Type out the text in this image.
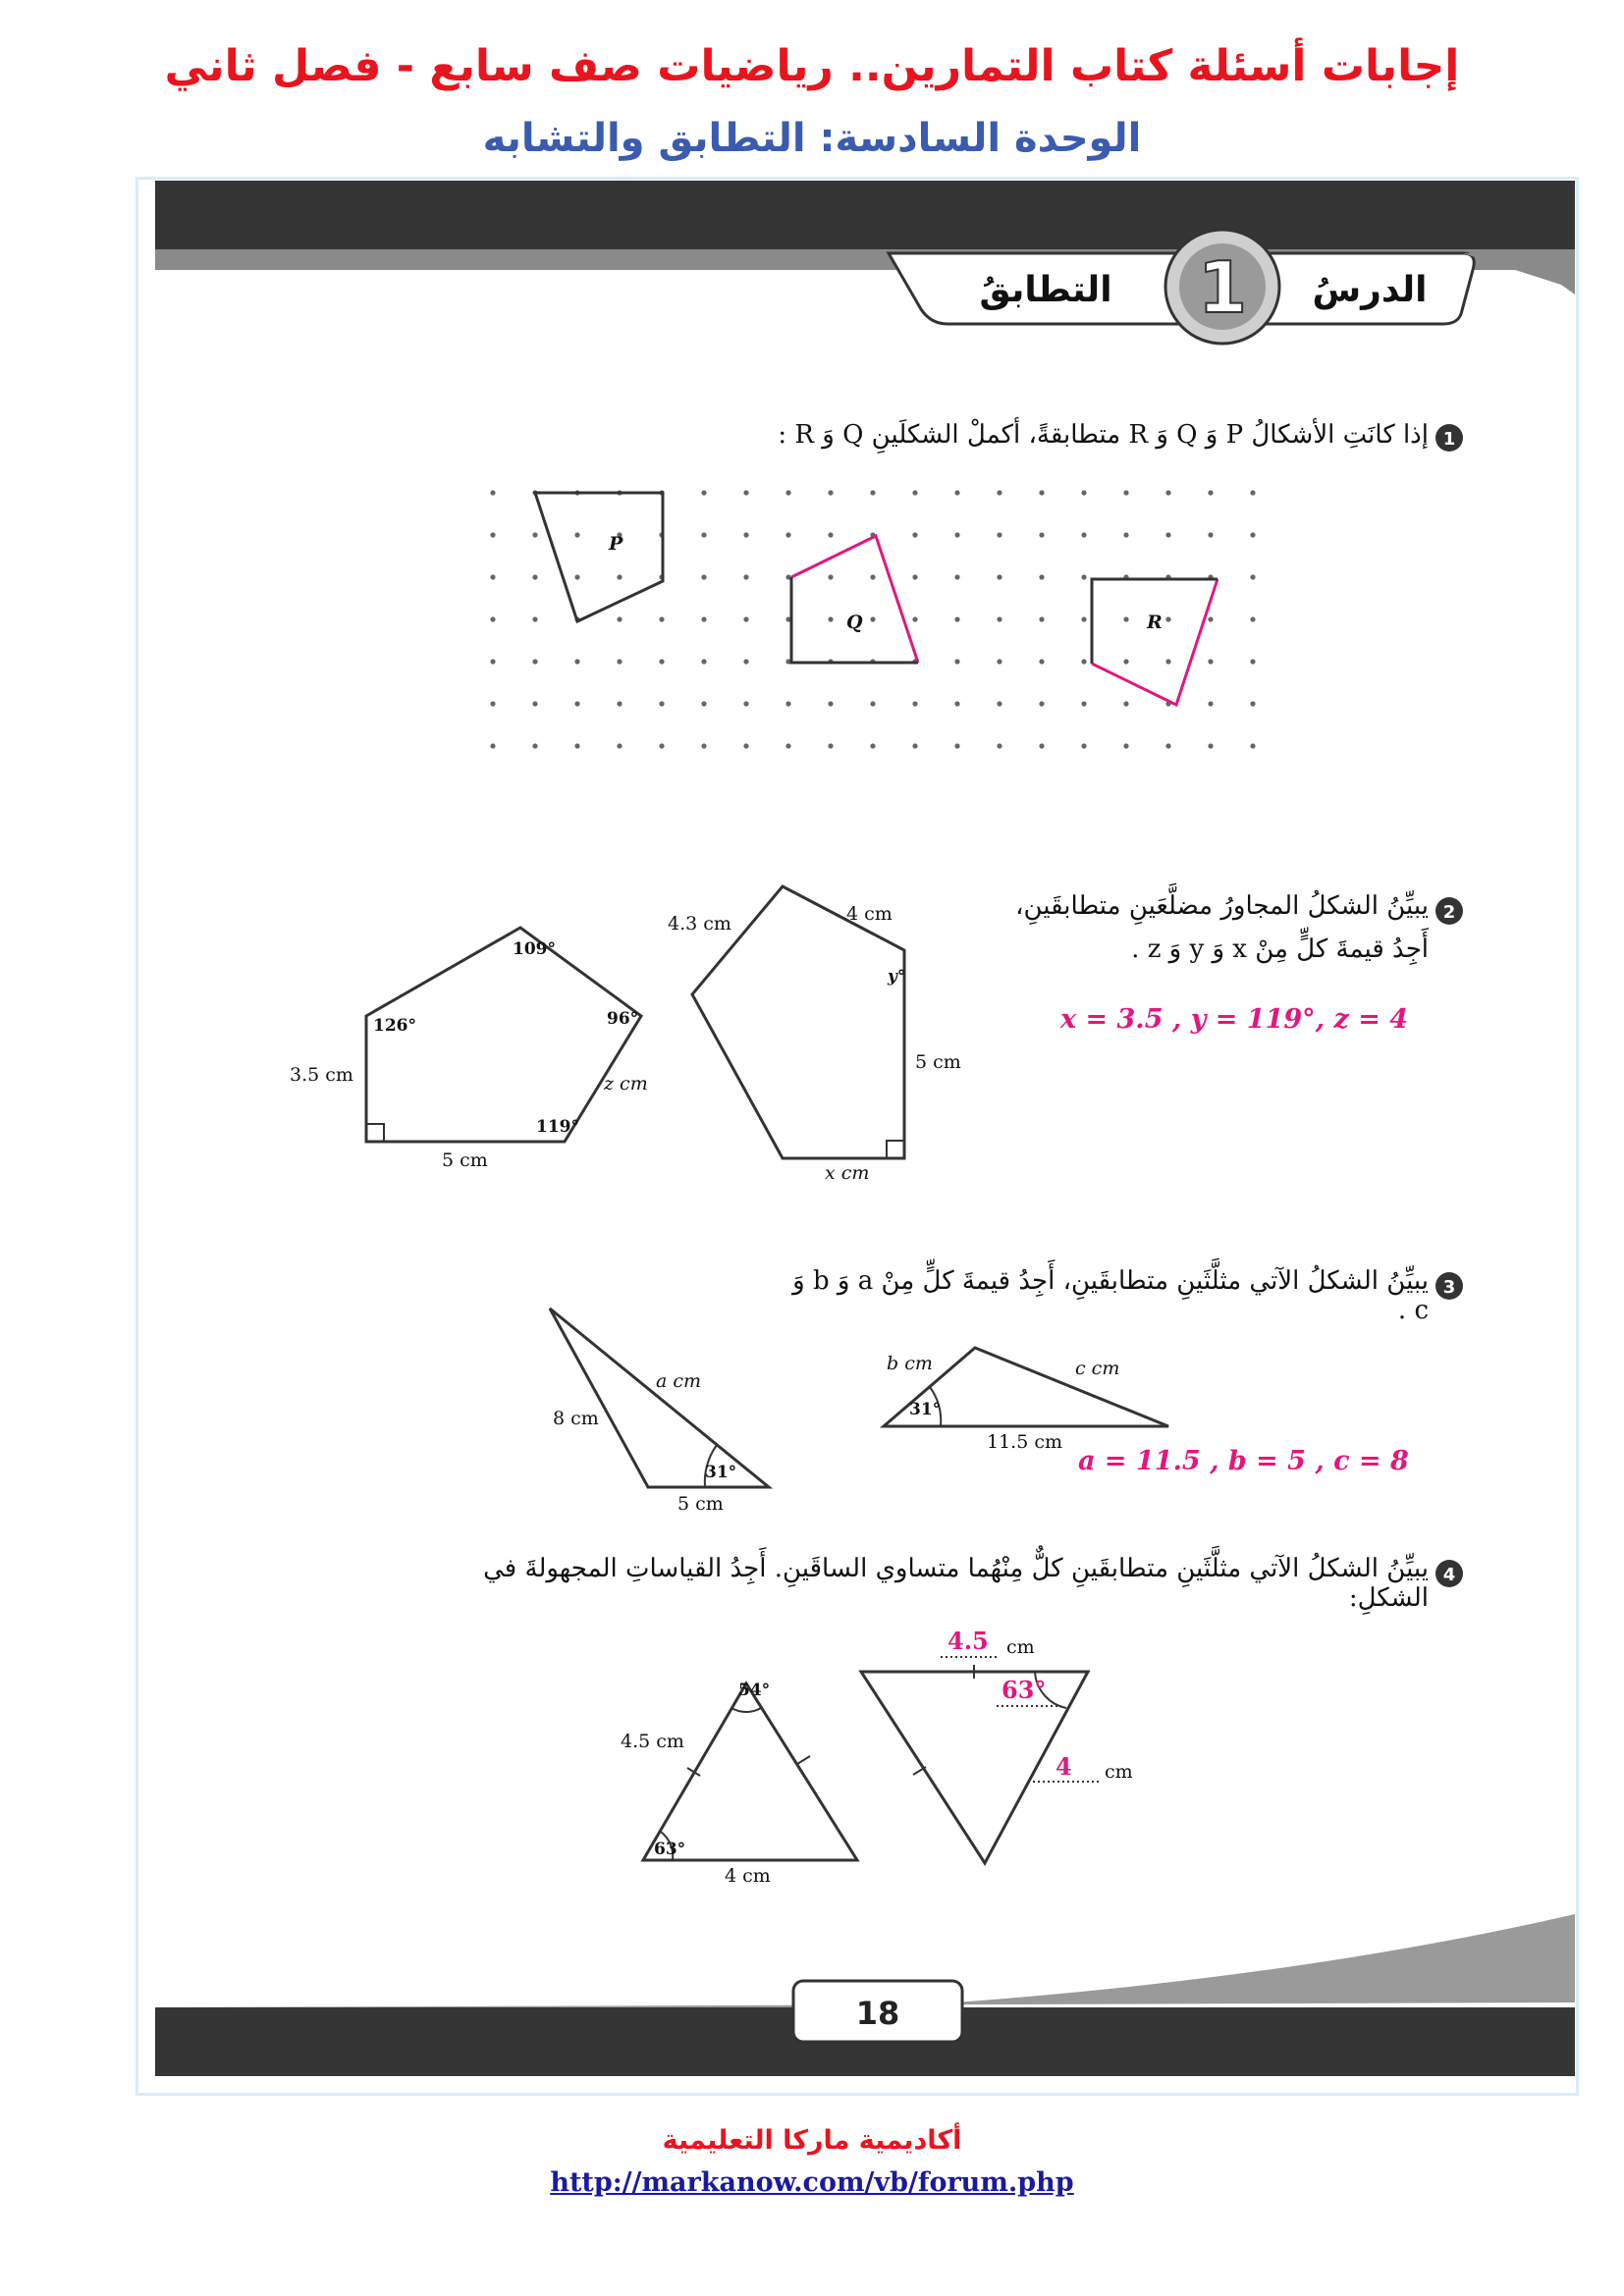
إجابات أسئلة كتاب التمارين.. رياضيات صف سابع - فصل ثاني
الوحدة السادسة: التطابق والتشابه
1 الدرسُ
التطابقُ
1
2
3
4
P
Q	R
109°
126°	96°
119°
3.5 cm
5 cm
z cm
4.3 cm	4 cm
y°
5 cm
x cm
a cm
8 cm
31°
5 cm
b cm	c cm
31°
11.5 cm
54°
4.5 cm
63°
4 cm
4.5 cm
63°
4 cm
18
إذا كانَتِ الأشكالُ P وَ Q وَ R متطابقةً، أكملْ الشكلَينِ Q وَ R :
يبيِّنُ الشكلُ المجاورُ مضلَّعَينِ متطابقَينِ،
أَجِدُ قيمةَ كلٍّ مِنْ x وَ y وَ z .
x = 3.5 , y = 119°, z = 4
يبيِّنُ الشكلُ الآتي مثلَّثَينِ متطابقَينِ، أَجِدُ قيمةَ كلٍّ مِنْ a وَ b وَ c .
a = 11.5 , b = 5 , c = 8
يبيِّنُ الشكلُ الآتي مثلَّثَينِ متطابقَينِ كلٌّ مِنْهُما متساوي الساقَينِ. أَجِدُ القياساتِ المجهولةَ في الشكلِ:
أكاديمية ماركا التعليمية
http://markanow.com/vb/forum.php
